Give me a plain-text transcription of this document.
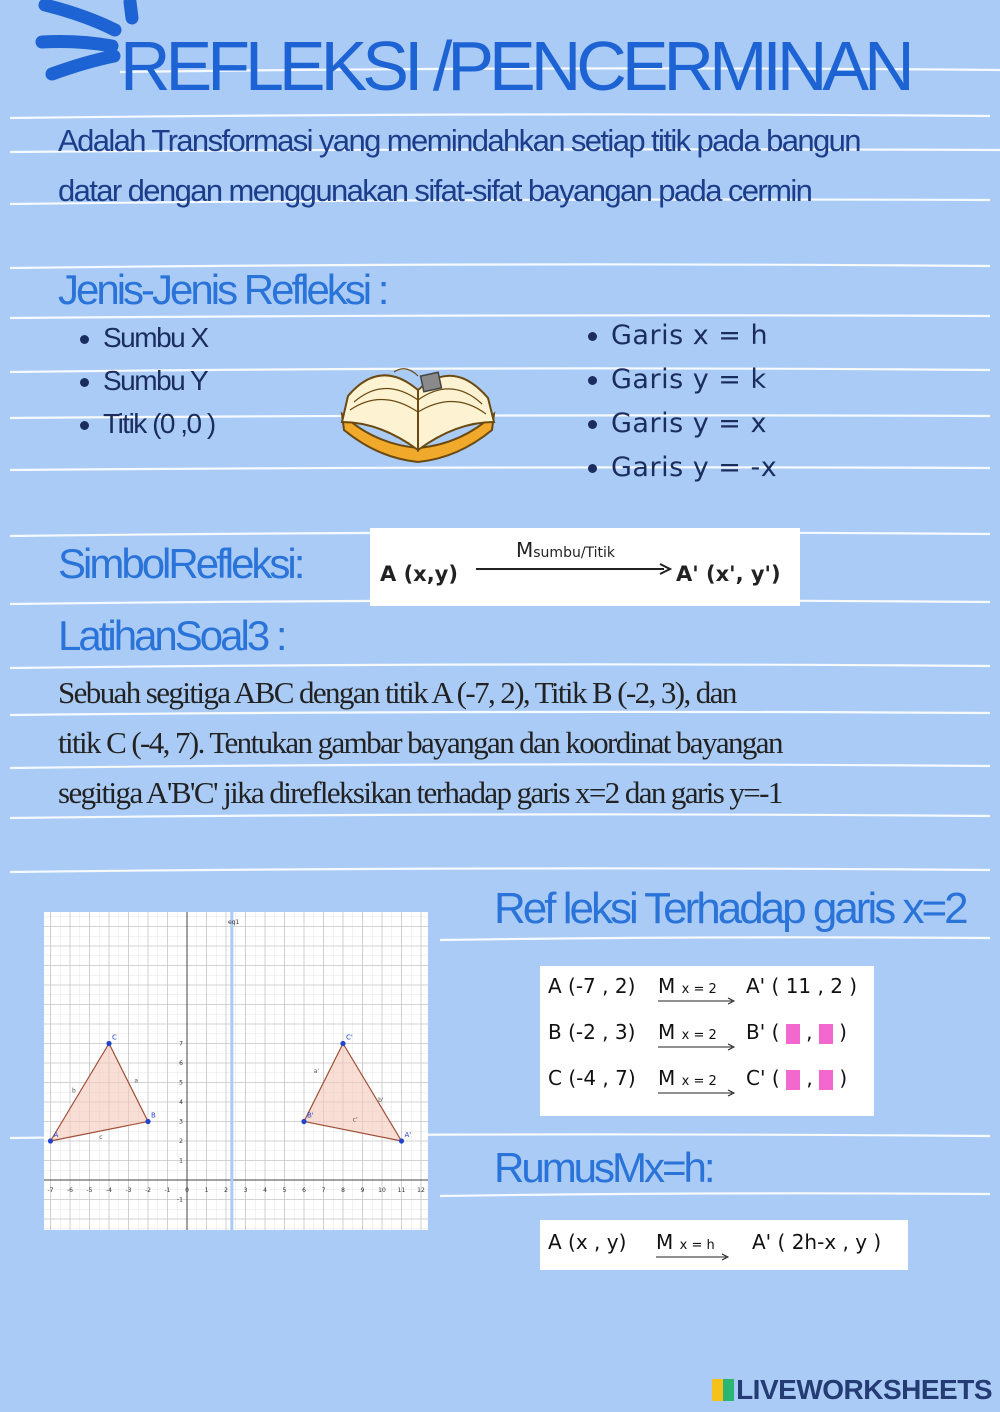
REFLEKSI /PENCERMINAN
Adalah Transformasi yang memindahkan setiap titik pada bangun
datar dengan menggunakan sifat-sifat bayangan pada cermin
Jenis-Jenis Refleksi :
Sumbu X
Sumbu Y
Titik (0 ,0 )
Garis x = h
Garis y = k
Garis y = x
Garis y = -x
SimbolRefleksi:	A (x,y)
Msumbu/Titik
A' (x', y')
LatihanSoal3 :
Sebuah segitiga ABC dengan titik A (-7, 2), Titik B (-2, 3), dan
titik C (-4, 7). Tentukan gambar bayangan dan koordinat bayangan
segitiga A'B'C' jika direfleksikan terhadap garis x=2 dan garis y=-1
Ref leksi Terhadap garis x=2
-7 -6 -5 -4 -3 -2 -1 0	1	2	3	4	5	6	7	8	9 10 11 12
7
6
5
4
3
2
1
-1
eq1
A
B
C
A'
B'
C'
a
b
c
a'
b'
c'
A (-7 , 2) M x = 2 A' ( 11 , 2 )
B (-2 , 3) M x = 2 B' (  ,  )
C (-4 , 7) M x = 2 C' (  ,  )
RumusMx=h:
A (x , y) M x = h A' ( 2h-x , y )
LIVEWORKSHEETS
